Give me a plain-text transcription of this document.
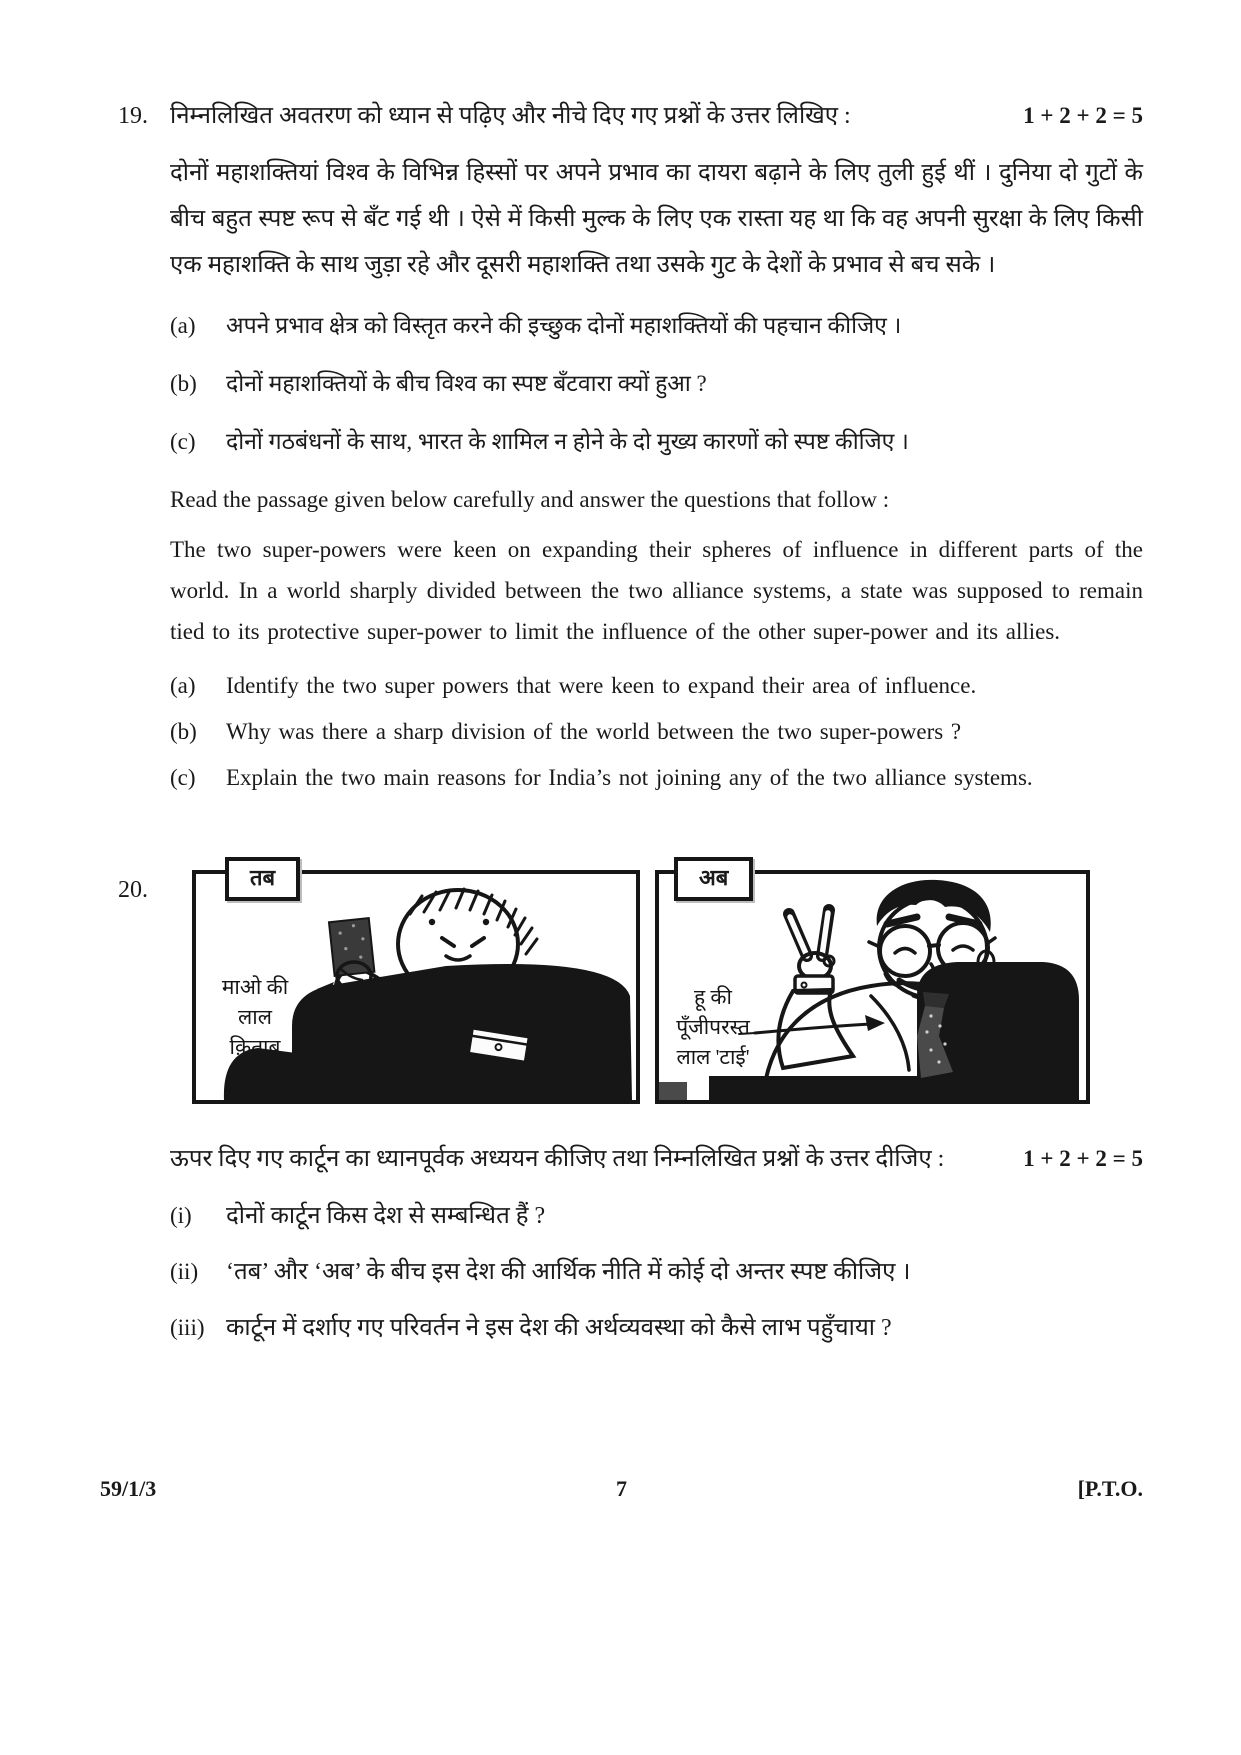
19. निम्नलिखित अवतरण को ध्यान से पढ़िए और नीचे दिए गए प्रश्नों के उत्तर लिखिए :	1 + 2 + 2 = 5
दोनों महाशक्तियां विश्व के विभिन्न हिस्सों पर अपने प्रभाव का दायरा बढ़ाने के लिए तुली हुई थीं । दुनिया दो गुटों के बीच बहुत स्पष्ट रूप से बँट गई थी । ऐसे में किसी मुल्क के लिए एक रास्ता यह था कि वह अपनी सुरक्षा के लिए किसी एक महाशक्ति के साथ जुड़ा रहे और दूसरी महाशक्ति तथा उसके गुट के देशों के प्रभाव से बच सके ।
(a)	अपने प्रभाव क्षेत्र को विस्तृत करने की इच्छुक दोनों महाशक्तियों की पहचान कीजिए ।
(b)	दोनों महाशक्तियों के बीच विश्व का स्पष्ट बँटवारा क्यों हुआ ?
(c)	दोनों गठबंधनों के साथ, भारत के शामिल न होने के दो मुख्य कारणों को स्पष्ट कीजिए ।
Read the passage given below carefully and answer the questions that follow :
The two super-powers were keen on expanding their spheres of influence in different parts of the world. In a world sharply divided between the two alliance systems, a state was supposed to remain tied to its protective super-power to limit the influence of the other super-power and its allies.
(a)	Identify the two super powers that were keen to expand their area of influence.
(b)	Why was there a sharp division of the world between the two super-powers ?
(c)	Explain the two main reasons for India’s not joining any of the two alliance systems.
20.	तब
माओ की
लाल
क़िताब
अब
हू की
पूँजीपरस्त
लाल 'टाई'
ऊपर दिए गए कार्टून का ध्यानपूर्वक अध्ययन कीजिए तथा निम्नलिखित प्रश्नों के उत्तर दीजिए :	1 + 2 + 2 = 5
(i)	दोनों कार्टून किस देश से सम्बन्धित हैं ?
(ii)	‘तब’ और ‘अब’ के बीच इस देश की आर्थिक नीति में कोई दो अन्तर स्पष्ट कीजिए ।
(iii) कार्टून में दर्शाए गए परिवर्तन ने इस देश की अर्थव्यवस्था को कैसे लाभ पहुँचाया ?
59/1/3	7	[P.T.O.
